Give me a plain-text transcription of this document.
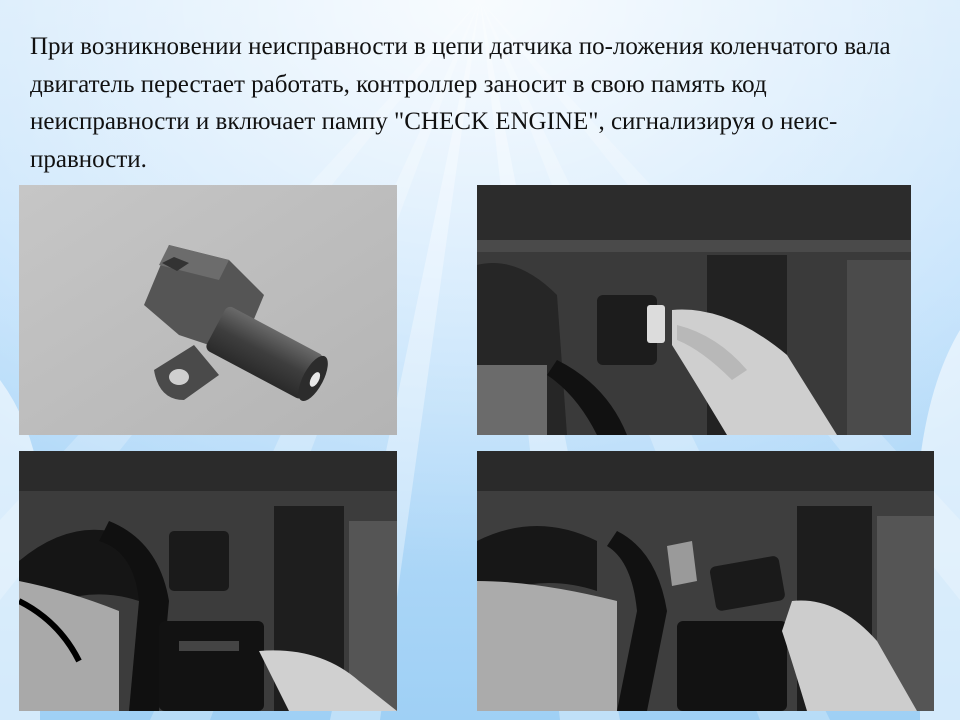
При возникновении неисправности в цепи датчика по-ложения коленчатого вала двигатель перестает работать, контроллер заносит в свою память код неисправности и включает пампу "CHECK ENGINE", сигнализируя о неис-правности.
